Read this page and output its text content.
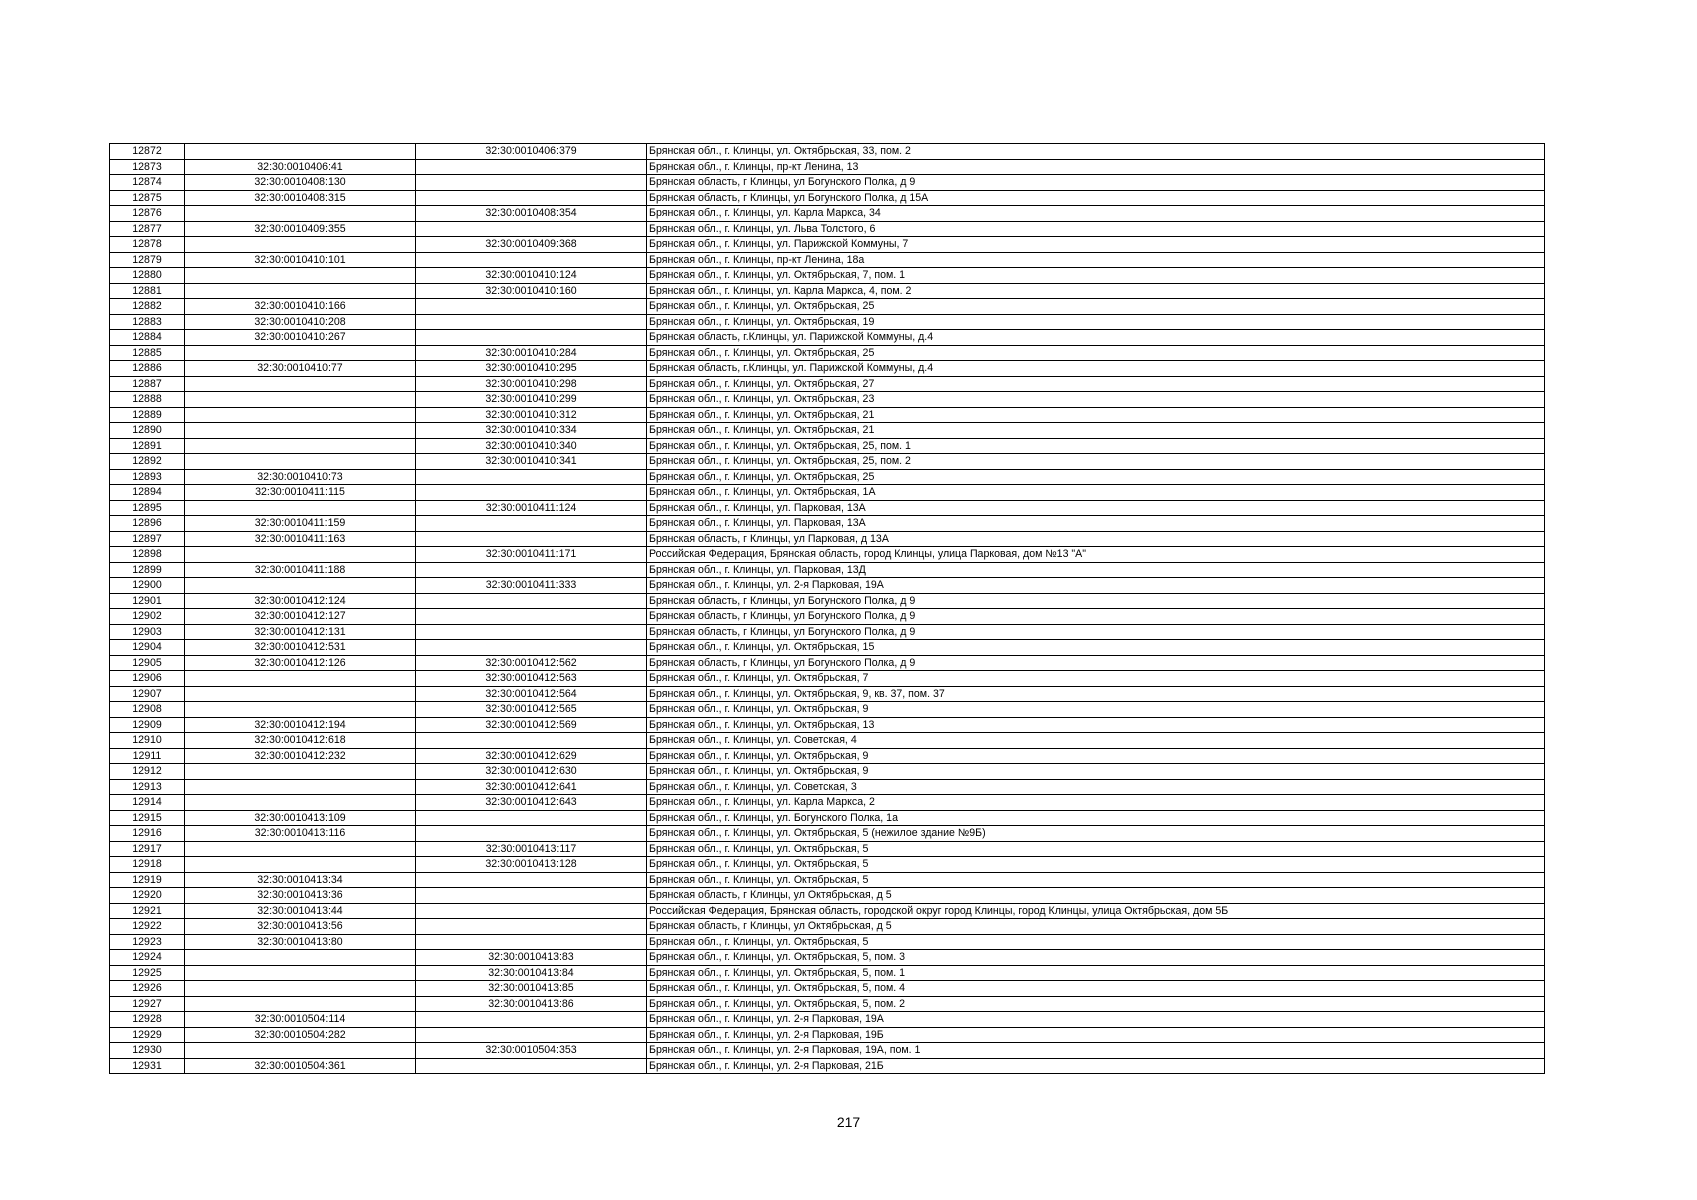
12872		32:30:0010406:379	Брянская обл., г. Клинцы, ул. Октябрьская, 33, пом. 2
12873	32:30:0010406:41		Брянская обл., г. Клинцы, пр-кт Ленина, 13
12874	32:30:0010408:130		Брянская область, г Клинцы, ул Богунского Полка, д 9
12875	32:30:0010408:315		Брянская область, г Клинцы, ул Богунского Полка, д 15А
12876		32:30:0010408:354	Брянская обл., г. Клинцы, ул. Карла Маркса, 34
12877	32:30:0010409:355		Брянская обл., г. Клинцы, ул. Льва Толстого, 6
12878		32:30:0010409:368	Брянская обл., г. Клинцы, ул. Парижской Коммуны, 7
12879	32:30:0010410:101		Брянская обл., г. Клинцы, пр-кт Ленина, 18а
12880		32:30:0010410:124	Брянская обл., г. Клинцы, ул. Октябрьская, 7, пом. 1
12881		32:30:0010410:160	Брянская обл., г. Клинцы, ул. Карла Маркса, 4, пом. 2
12882	32:30:0010410:166		Брянская обл., г. Клинцы, ул. Октябрьская, 25
12883	32:30:0010410:208		Брянская обл., г. Клинцы, ул. Октябрьская, 19
12884	32:30:0010410:267		Брянская область, г.Клинцы, ул. Парижской Коммуны, д.4
12885		32:30:0010410:284	Брянская обл., г. Клинцы, ул. Октябрьская, 25
12886	32:30:0010410:77	32:30:0010410:295	Брянская область, г.Клинцы, ул. Парижской Коммуны, д.4
12887		32:30:0010410:298	Брянская обл., г. Клинцы, ул. Октябрьская, 27
12888		32:30:0010410:299	Брянская обл., г. Клинцы, ул. Октябрьская, 23
12889		32:30:0010410:312	Брянская обл., г. Клинцы, ул. Октябрьская, 21
12890		32:30:0010410:334	Брянская обл., г. Клинцы, ул. Октябрьская, 21
12891		32:30:0010410:340	Брянская обл., г. Клинцы, ул. Октябрьская, 25, пом. 1
12892		32:30:0010410:341	Брянская обл., г. Клинцы, ул. Октябрьская, 25, пом. 2
12893	32:30:0010410:73		Брянская обл., г. Клинцы, ул. Октябрьская, 25
12894	32:30:0010411:115		Брянская обл., г. Клинцы, ул. Октябрьская, 1А
12895		32:30:0010411:124	Брянская обл., г. Клинцы, ул. Парковая, 13А
12896	32:30:0010411:159		Брянская обл., г. Клинцы, ул. Парковая, 13А
12897	32:30:0010411:163		Брянская область, г Клинцы, ул Парковая, д 13А
12898		32:30:0010411:171	Российская Федерация, Брянская область, город Клинцы, улица Парковая, дом №13 "А"
12899	32:30:0010411:188		Брянская обл., г. Клинцы, ул. Парковая, 13Д
12900		32:30:0010411:333	Брянская обл., г. Клинцы, ул. 2-я Парковая, 19А
12901	32:30:0010412:124		Брянская область, г Клинцы, ул Богунского Полка, д 9
12902	32:30:0010412:127		Брянская область, г Клинцы, ул Богунского Полка, д 9
12903	32:30:0010412:131		Брянская область, г Клинцы, ул Богунского Полка, д 9
12904	32:30:0010412:531		Брянская обл., г. Клинцы, ул. Октябрьская, 15
12905	32:30:0010412:126	32:30:0010412:562	Брянская область, г Клинцы, ул Богунского Полка, д 9
12906		32:30:0010412:563	Брянская обл., г. Клинцы, ул. Октябрьская, 7
12907		32:30:0010412:564	Брянская обл., г. Клинцы, ул. Октябрьская, 9, кв. 37, пом. 37
12908		32:30:0010412:565	Брянская обл., г. Клинцы, ул. Октябрьская, 9
12909	32:30:0010412:194	32:30:0010412:569	Брянская обл., г. Клинцы, ул. Октябрьская, 13
12910	32:30:0010412:618		Брянская обл., г. Клинцы, ул. Советская, 4
12911	32:30:0010412:232	32:30:0010412:629	Брянская обл., г. Клинцы, ул. Октябрьская, 9
12912		32:30:0010412:630	Брянская обл., г. Клинцы, ул. Октябрьская, 9
12913		32:30:0010412:641	Брянская обл., г. Клинцы, ул. Советская, 3
12914		32:30:0010412:643	Брянская обл., г. Клинцы, ул. Карла Маркса, 2
12915	32:30:0010413:109		Брянская обл., г. Клинцы, ул. Богунского Полка, 1а
12916	32:30:0010413:116		Брянская обл., г. Клинцы, ул. Октябрьская, 5 (нежилое здание №9Б)
12917		32:30:0010413:117	Брянская обл., г. Клинцы, ул. Октябрьская, 5
12918		32:30:0010413:128	Брянская обл., г. Клинцы, ул. Октябрьская, 5
12919	32:30:0010413:34		Брянская обл., г. Клинцы, ул. Октябрьская, 5
12920	32:30:0010413:36		Брянская область, г Клинцы, ул Октябрьская, д 5
12921	32:30:0010413:44		Российская Федерация, Брянская область, городской округ город Клинцы, город Клинцы, улица Октябрьская, дом 5Б
12922	32:30:0010413:56		Брянская область, г Клинцы, ул Октябрьская, д 5
12923	32:30:0010413:80		Брянская обл., г. Клинцы, ул. Октябрьская, 5
12924		32:30:0010413:83	Брянская обл., г. Клинцы, ул. Октябрьская, 5, пом. 3
12925		32:30:0010413:84	Брянская обл., г. Клинцы, ул. Октябрьская, 5, пом. 1
12926		32:30:0010413:85	Брянская обл., г. Клинцы, ул. Октябрьская, 5, пом. 4
12927		32:30:0010413:86	Брянская обл., г. Клинцы, ул. Октябрьская, 5, пом. 2
12928	32:30:0010504:114		Брянская обл., г. Клинцы, ул. 2-я Парковая, 19А
12929	32:30:0010504:282		Брянская обл., г. Клинцы, ул. 2-я Парковая, 19Б
12930		32:30:0010504:353	Брянская обл., г. Клинцы, ул. 2-я Парковая, 19А, пом. 1
12931	32:30:0010504:361		Брянская обл., г. Клинцы, ул. 2-я Парковая, 21Б
217
